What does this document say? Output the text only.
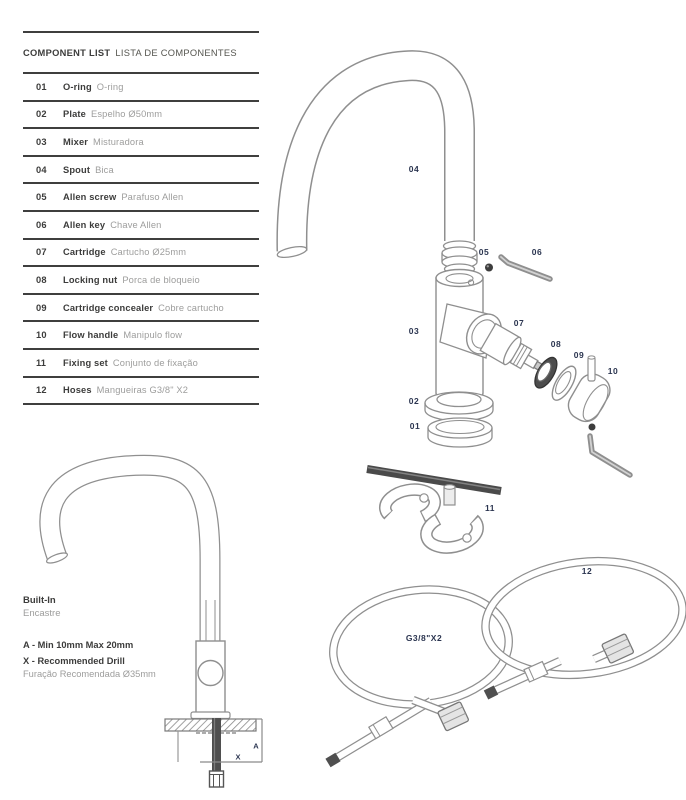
COMPONENT LIST LISTA DE COMPONENTES
01	O-ring O-ring
02	Plate Espelho Ø50mm
03	Mixer Misturadora
04	Spout Bica
05	Allen screw Parafuso Allen
06	Allen key Chave Allen
07	Cartridge Cartucho Ø25mm
08	Locking nut Porca de bloqueio
09	Cartridge concealer Cobre cartucho
10	Flow handle Manipulo flow
11	Fixing set Conjunto de fixação
12	Hoses Mangueiras G3/8" X2
04
05	06
03
07
08
09
10
02
01
11
12
G3/8"X2
Built-In
Encastre
A - Min 10mm Max 20mm
X - Recommended Drill
Furação Recomendada Ø35mm
A
X
